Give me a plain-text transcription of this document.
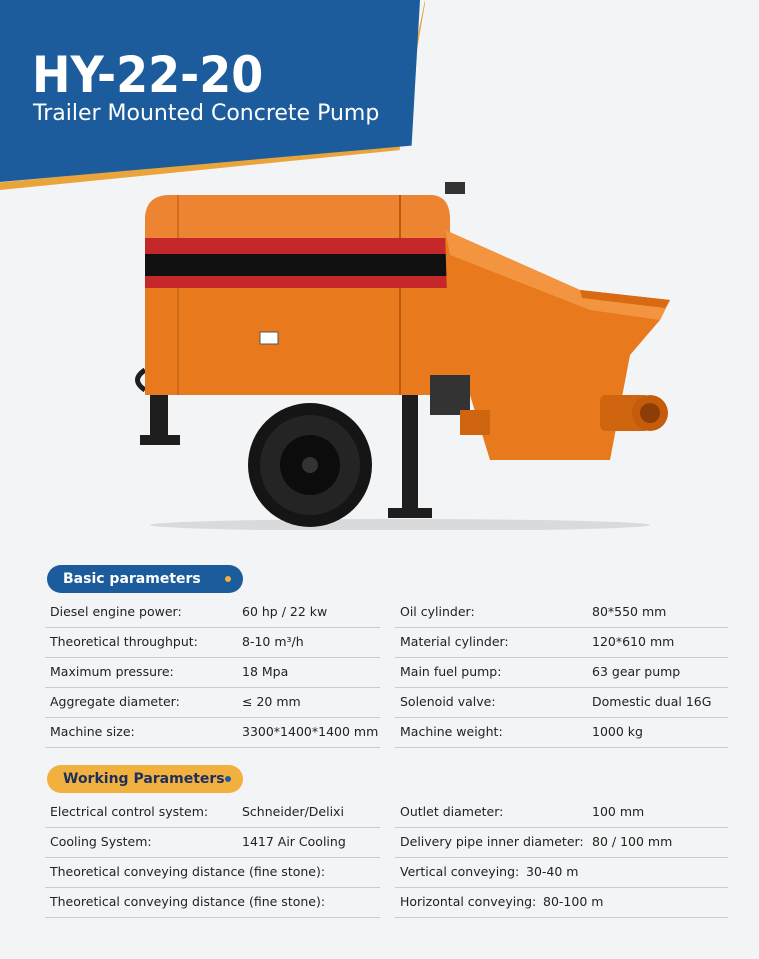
HY-22-20
Trailer Mounted Concrete Pump
Basic parameters
Diesel engine power:	60 hp / 22 kw
Theoretical throughput:	8-10 m³/h
Maximum pressure:	18 Mpa
Aggregate diameter:	≤ 20 mm
Machine size:	3300*1400*1400 mm
Oil cylinder:	80*550 mm
Material cylinder:	120*610 mm
Main fuel pump:	63 gear pump
Solenoid valve:	Domestic dual 16G
Machine weight:	1000 kg
Working Parameters
Electrical control system:	Schneider/Delixi
Cooling System:	1417 Air Cooling
Theoretical conveying distance (fine stone):
Theoretical conveying distance (fine stone):
Outlet diameter:	100 mm
Delivery pipe inner diameter: 80 / 100 mm
Vertical conveying: 30-40 m
Horizontal conveying: 80-100 m
